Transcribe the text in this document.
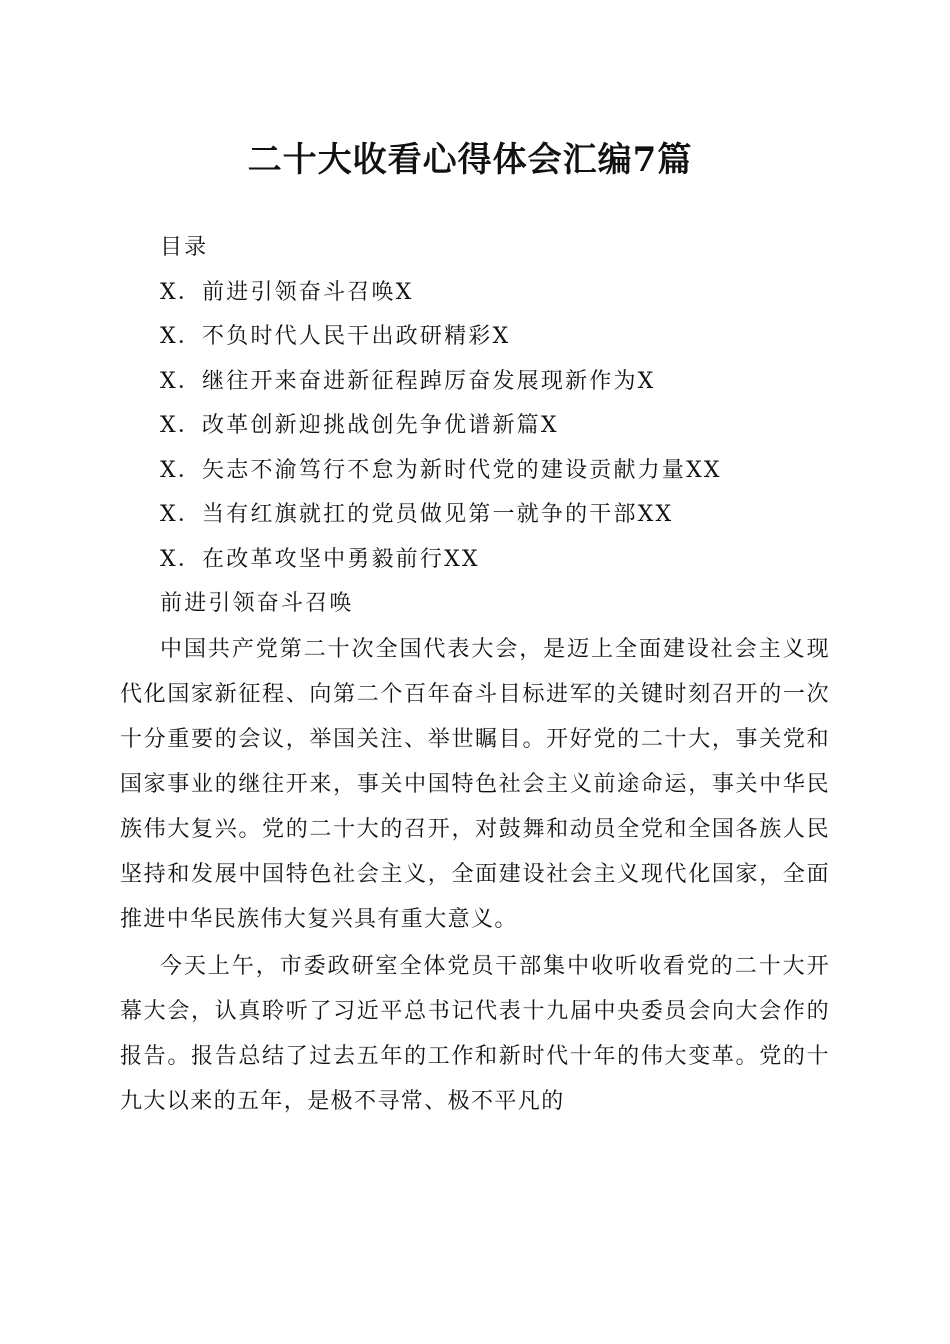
二十大收看心得体会汇编7篇
目录
X．前进引领奋斗召唤X
X．不负时代人民干出政研精彩X
X．继往开来奋进新征程踔厉奋发展现新作为X
X．改革创新迎挑战创先争优谱新篇X
X．矢志不渝笃行不怠为新时代党的建设贡献力量XX
X．当有红旗就扛的党员做见第一就争的干部XX
X．在改革攻坚中勇毅前行XX
前进引领奋斗召唤

中国共产党第二十次全国代表大会，是迈上全面建设社会主义现代化国家新征程、向第二个百年奋斗目标进军的关键时刻召开的一次十分重要的会议，举国关注、举世瞩目。开好党的二十大，事关党和国家事业的继往开来，事关中国特色社会主义前途命运，事关中华民族伟大复兴。党的二十大的召开，对鼓舞和动员全党和全国各族人民坚持和发展中国特色社会主义，全面建设社会主义现代化国家，全面推进中华民族伟大复兴具有重大意义。

今天上午，市委政研室全体党员干部集中收听收看党的二十大开幕大会，认真聆听了习近平总书记代表十九届中央委员会向大会作的报告。报告总结了过去五年的工作和新时代十年的伟大变革。党的十九大以来的五年，是极不寻常、极不平凡的
